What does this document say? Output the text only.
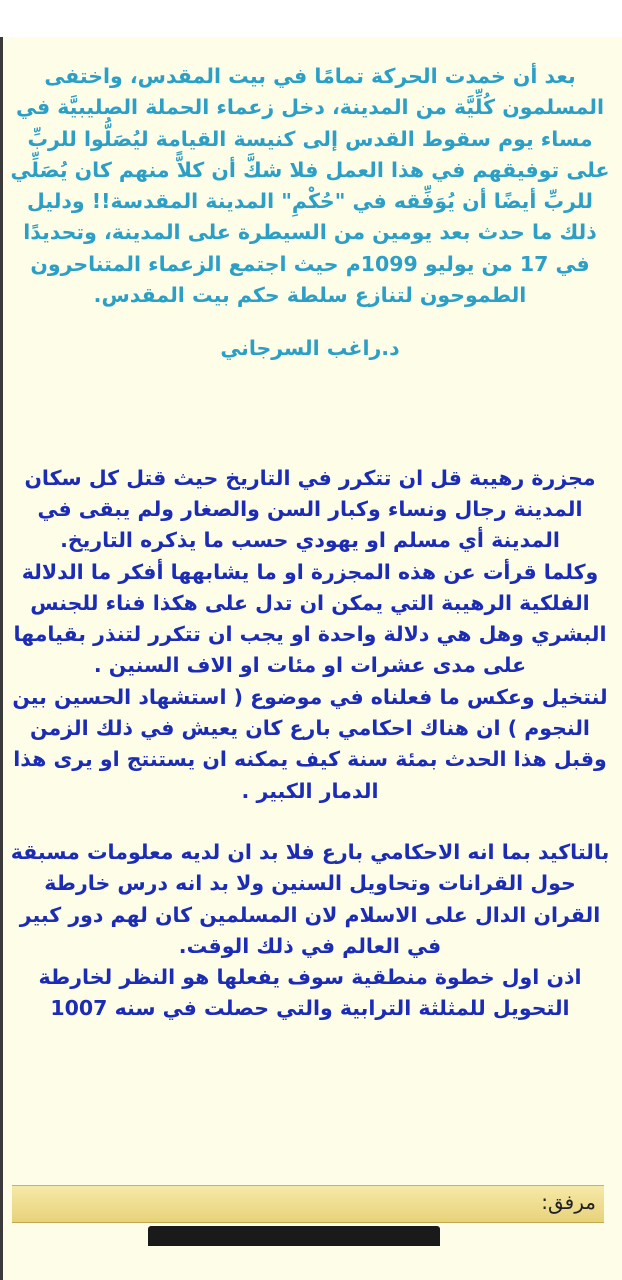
بعد أن خمدت الحركة تمامًا في بيت المقدس، واختفى المسلمون كُلِّيَّة من المدينة، دخل زعماء الحملة الصليبيَّة في مساء يوم سقوط القدس إلى كنيسة القيامة ليُصَلُّوا للربِّ على توفيقهم في هذا العمل فلا شكَّ أن كلاًّ منهم كان يُصَلِّي للربِّ أيضًا أن يُوَفِّقه في "حُكْمِ" المدينة المقدسة!! ودليل ذلك ما حدث بعد يومين من السيطرة على المدينة، وتحديدًا في 17 من يوليو 1099م حيث اجتمع الزعماء المتناحرون الطموحون لتنازع سلطة حكم بيت المقدس.
د.راغب السرجاني
مجزرة رهيبة قل ان تتكرر في التاريخ حيث قتل كل سكان المدينة رجال ونساء وكبار السن والصغار ولم يبقى في المدينة أي مسلم او يهودي حسب ما يذكره التاريخ.
وكلما قرأت عن هذه المجزرة او ما يشابهها أفكر ما الدلالة الفلكية الرهيبة التي يمكن ان تدل على هكذا فناء للجنس البشري وهل هي دلالة واحدة او يجب ان تتكرر لتنذر بقيامها على مدى عشرات او مئات او الاف السنين .
لنتخيل وعكس ما فعلناه في موضوع ( استشهاد الحسين بين النجوم ) ان هناك احكامي بارع كان يعيش في ذلك الزمن وقبل هذا الحدث بمئة سنة كيف يمكنه ان يستنتج او يرى هذا الدمار الكبير .
بالتاكيد بما انه الاحكامي بارع فلا بد ان لديه معلومات مسبقة حول القرانات وتحاويل السنين ولا بد انه درس خارطة القران الدال على الاسلام لان المسلمين كان لهم دور كبير في العالم في ذلك الوقت.
اذن اول خطوة منطقية سوف يفعلها هو النظر لخارطة التحويل للمثلثة الترابية والتي حصلت في سنه 1007
مرفق:
